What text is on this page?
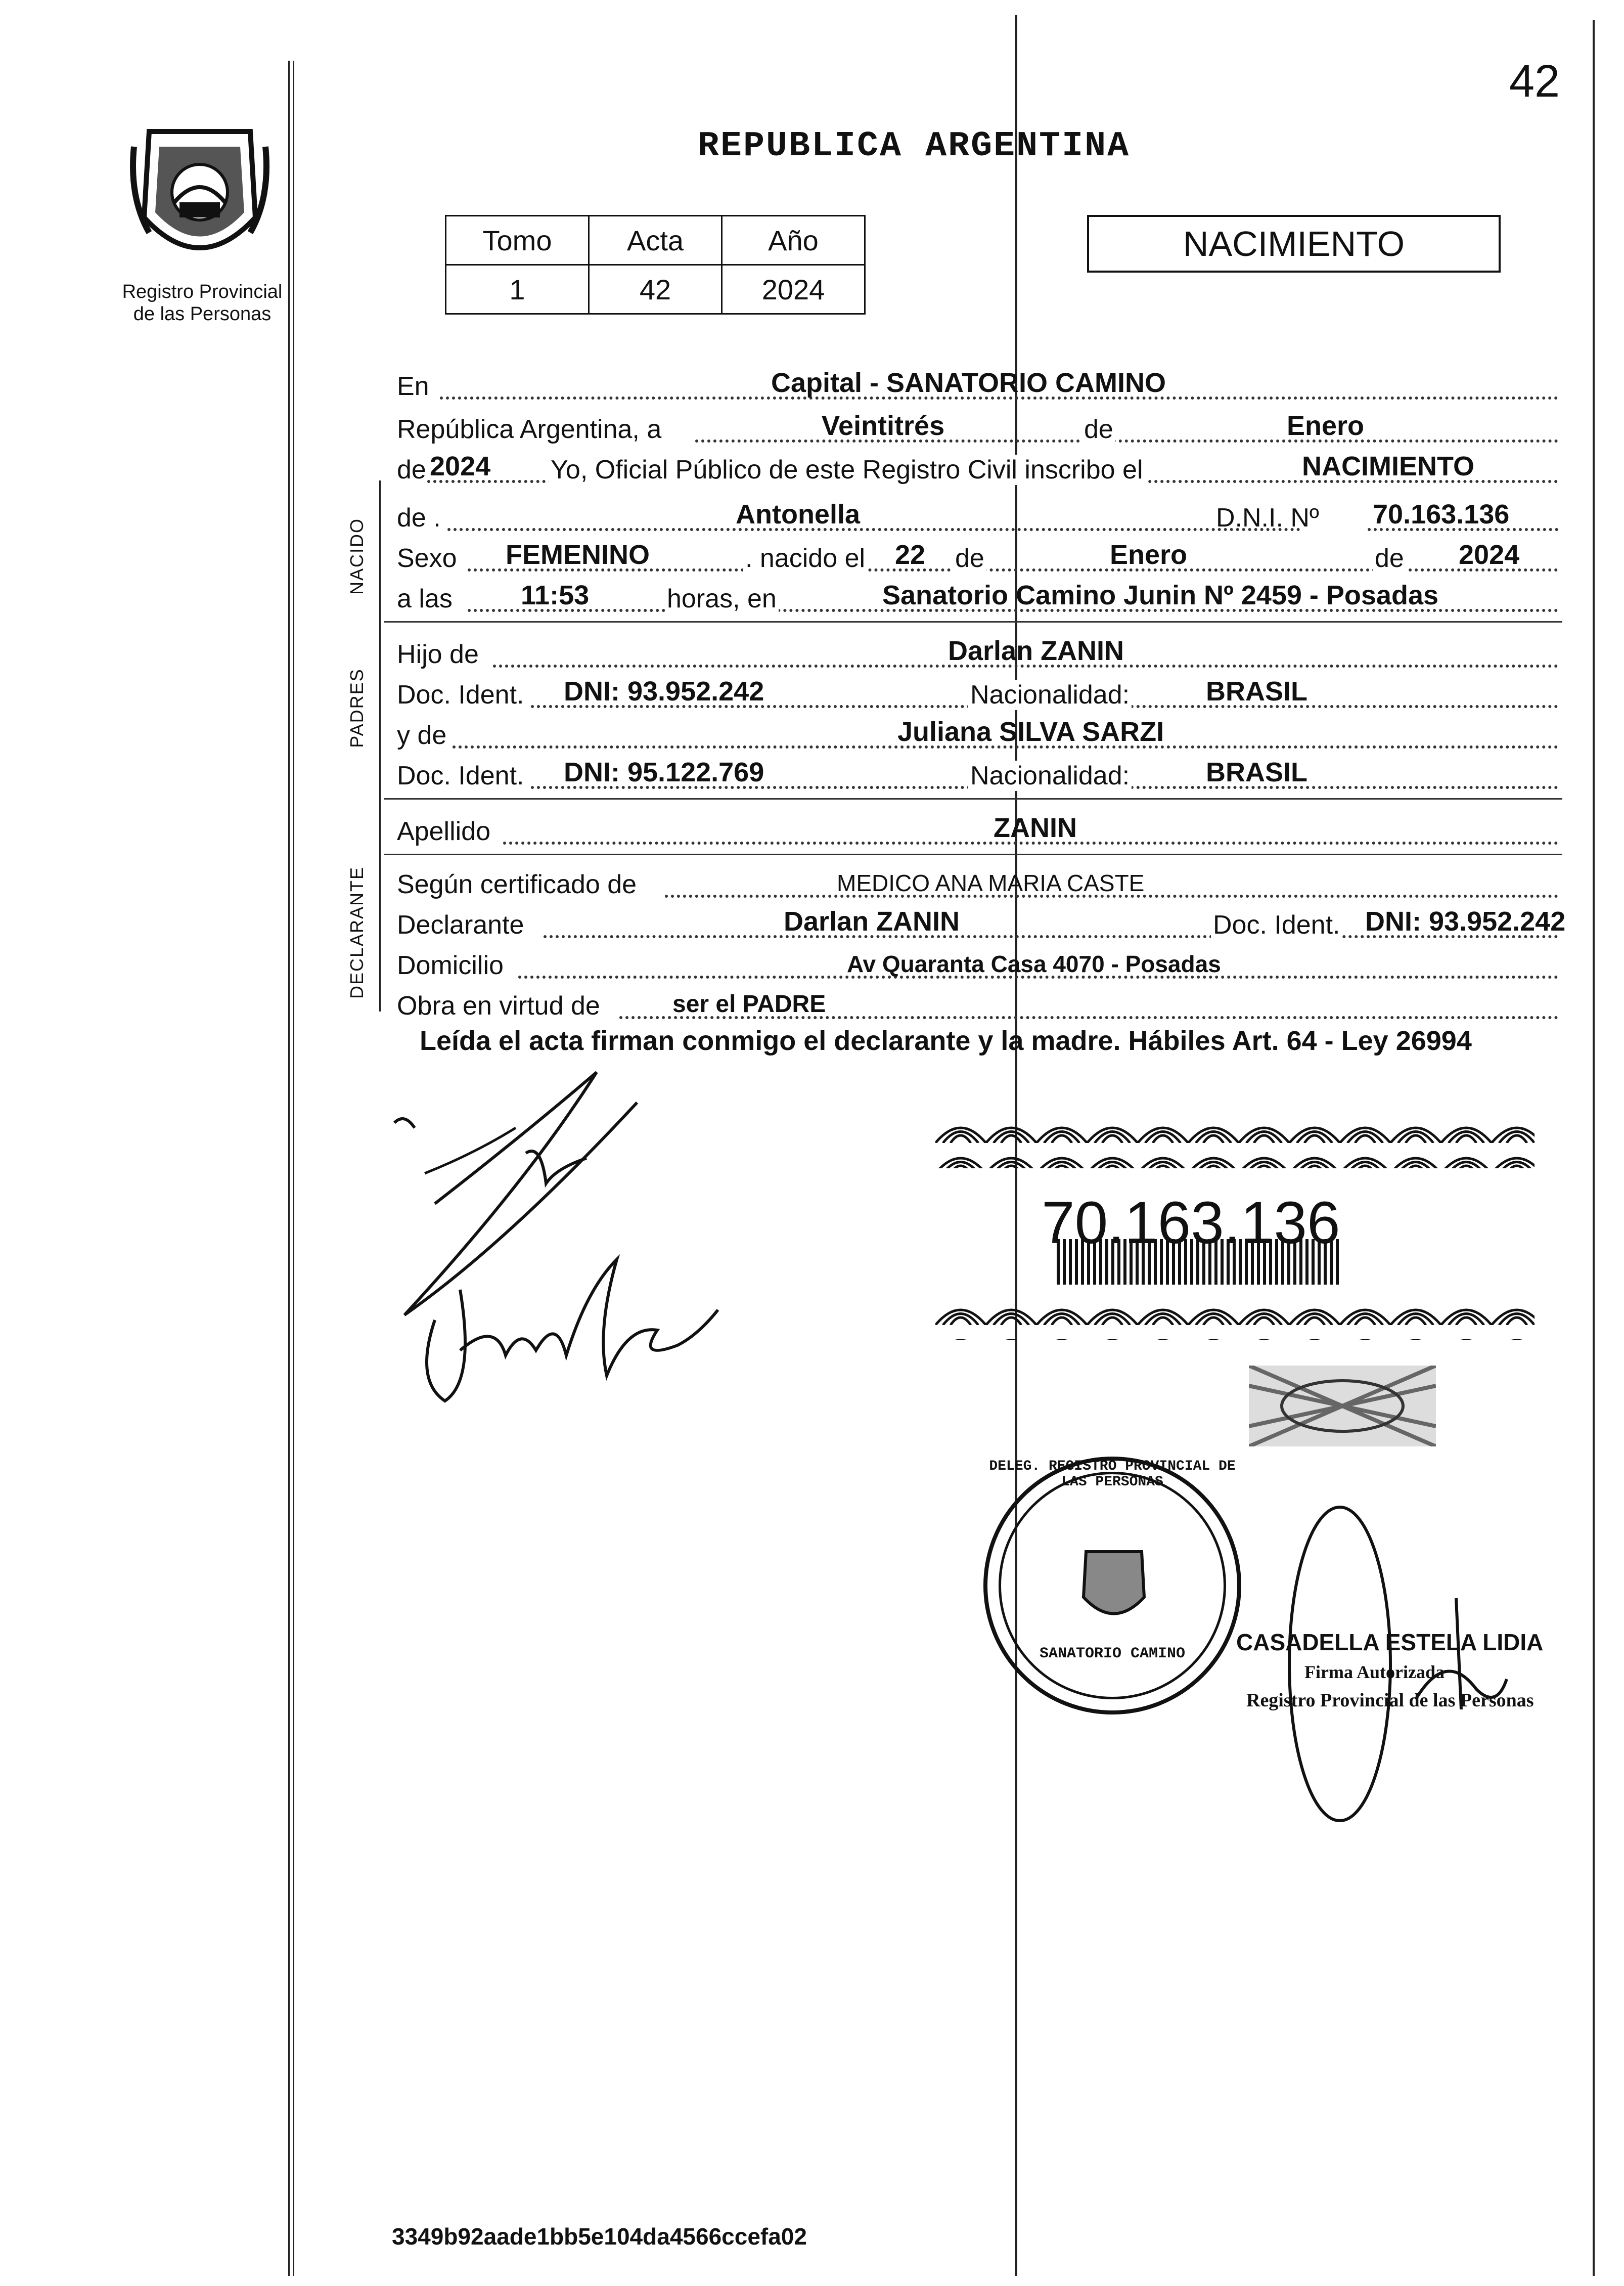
42
Registro Provincial
de las Personas
REPUBLICA ARGENTINA
Tomo	Acta	Año
1	42	2024
NACIMIENTO
En	Capital - SANATORIO CAMINO
República Argentina, a	Veintitrés	de	Enero
de 2024 Yo, Oficial Público de este Registro Civil inscribo el	NACIMIENTO
NACIDO de .	Antonella	D.N.I. Nº 70.163.136
Sexo FEMENINO	. nacido el 22 de	Enero	de 2024
a las	11:53	horas, en	Sanatorio Camino Junin Nº 2459 - Posadas
PADRES
Hijo de	Darlan ZANIN
Doc. Ident. DNI: 93.952.242	Nacionalidad:	BRASIL
y de	Juliana SILVA SARZI
Doc. Ident. DNI: 95.122.769	Nacionalidad:	BRASIL
Apellido	ZANIN
DECLARANTE Según certificado de	MEDICO ANA MARIA CASTE
Declarante	Darlan ZANIN	Doc. Ident. DNI: 93.952.242
Domicilio	Av Quaranta Casa 4070 - Posadas
Obra en virtud de	ser el PADRE
Leída el acta firman conmigo el declarante y la madre. Hábiles Art. 64 - Ley 26994
70.163.136
DELEG. REGISTRO PROVINCIAL DE LAS PERSONAS
SANATORIO CAMINO	CASADELLA ESTELA LIDIA
Firma Autorizada
Registro Provincial de las Personas
3349b92aade1bb5e104da4566ccefa02
